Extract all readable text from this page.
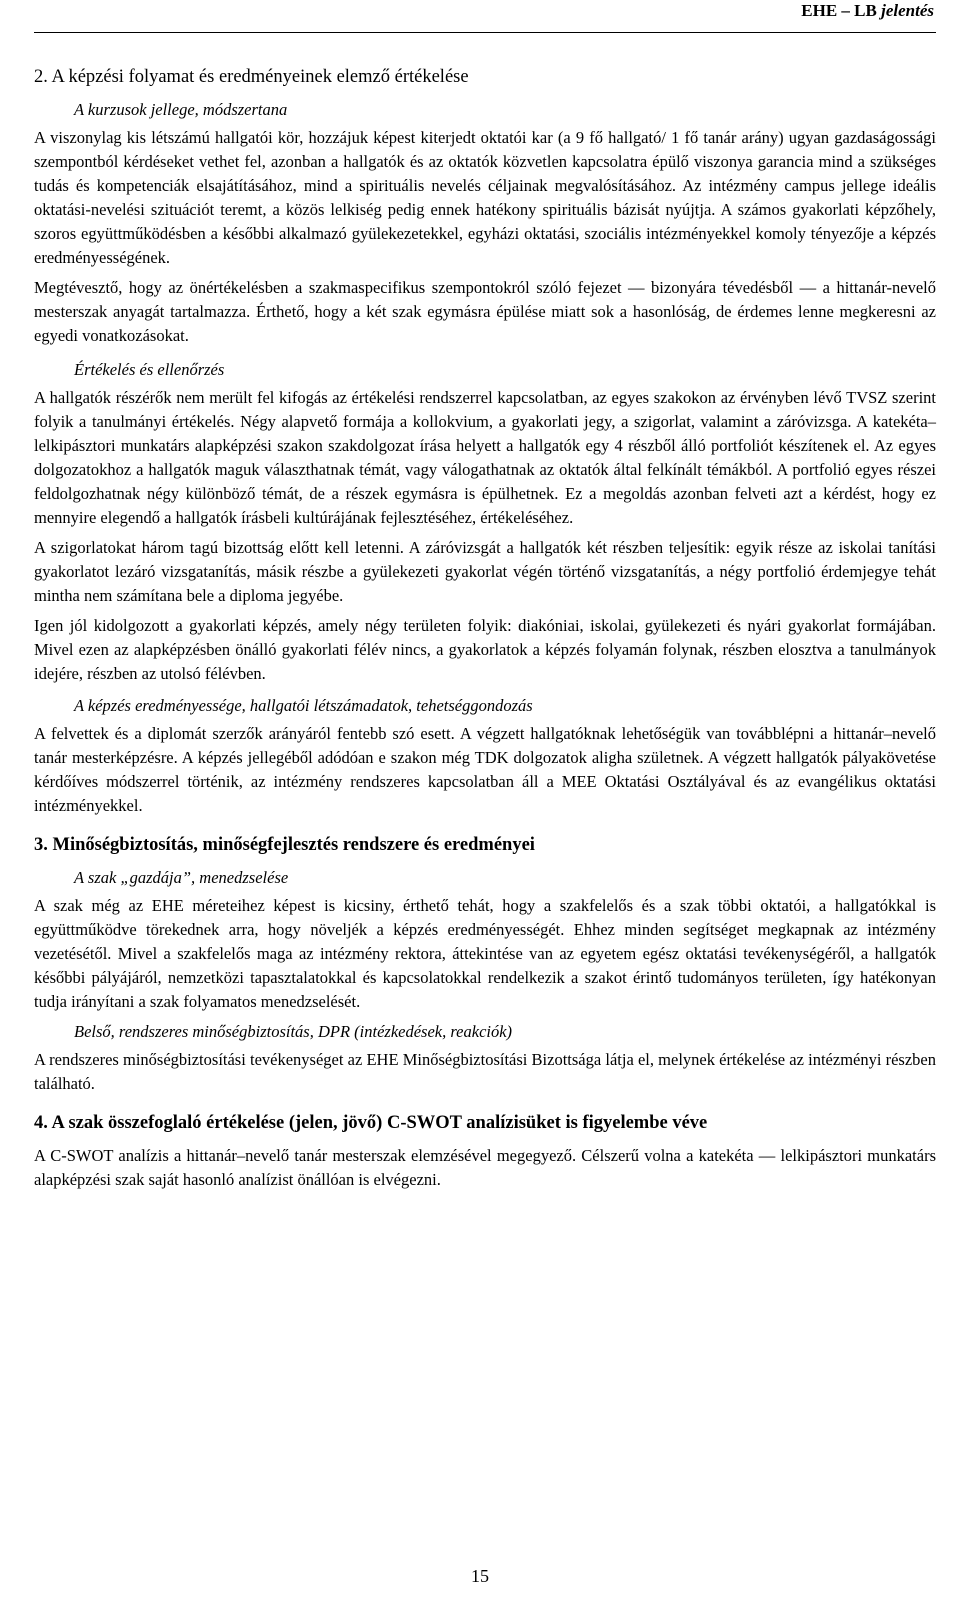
EHE – LB jelentés
2. A képzési folyamat és eredményeinek elemző értékelése
A kurzusok jellege, módszertana

A viszonylag kis létszámú hallgatói kör, hozzájuk képest kiterjedt oktatói kar (a 9 fő hallgató/ 1 fő tanár arány) ugyan gazdaságossági szempontból kérdéseket vethet fel, azonban a hallgatók és az oktatók közvetlen kapcsolatra épülő viszonya garancia mind a szükséges tudás és kompetenciák elsajátításához, mind a spirituális nevelés céljainak megvalósításához. Az intézmény campus jellege ideális oktatási-nevelési szituációt teremt, a közös lelkiség pedig ennek hatékony spirituális bázisát nyújtja. A számos gyakorlati képzőhely, szoros együttműködésben a későbbi alkalmazó gyülekezetekkel, egyházi oktatási, szociális intézményekkel komoly tényezője a képzés eredményességének.

Megtévesztő, hogy az önértékelésben a szakmaspecifikus szempontokról szóló fejezet — bizonyára tévedésből — a hittanár-nevelő mesterszak anyagát tartalmazza. Érthető, hogy a két szak egymásra épülése miatt sok a hasonlóság, de érdemes lenne megkeresni az egyedi vonatkozásokat.

Értékelés és ellenőrzés

A hallgatók részérők nem merült fel kifogás az értékelési rendszerrel kapcsolatban, az egyes szakokon az érvényben lévő TVSZ szerint folyik a tanulmányi értékelés. Négy alapvető formája a kollokvium, a gyakorlati jegy, a szigorlat, valamint a záróvizsga. A katekéta–lelkipásztori munkatárs alapképzési szakon szakdolgozat írása helyett a hallgatók egy 4 részből álló portfoliót készítenek el. Az egyes dolgozatokhoz a hallgatók maguk választhatnak témát, vagy válogathatnak az oktatók által felkínált témákból. A portfolió egyes részei feldolgozhatnak négy különböző témát, de a részek egymásra is épülhetnek. Ez a megoldás azonban felveti azt a kérdést, hogy ez mennyire elegendő a hallgatók írásbeli kultúrájának fejlesztéséhez, értékeléséhez.

A szigorlatokat három tagú bizottság előtt kell letenni. A záróvizsgát a hallgatók két részben teljesítik: egyik része az iskolai tanítási gyakorlatot lezáró vizsgatanítás, másik részbe a gyülekezeti gyakorlat végén történő vizsgatanítás, a négy portfolió érdemjegye tehát mintha nem számítana bele a diploma jegyébe.

Igen jól kidolgozott a gyakorlati képzés, amely négy területen folyik: diakóniai, iskolai, gyülekezeti és nyári gyakorlat formájában. Mivel ezen az alapképzésben önálló gyakorlati félév nincs, a gyakorlatok a képzés folyamán folynak, részben elosztva a tanulmányok idejére, részben az utolsó félévben.

A képzés eredményessége, hallgatói létszámadatok, tehetséggondozás

A felvettek és a diplomát szerzők arányáról fentebb szó esett. A végzett hallgatóknak lehetőségük van továbblépni a hittanár–nevelő tanár mesterképzésre. A képzés jellegéből adódóan e szakon még TDK dolgozatok aligha születnek. A végzett hallgatók pályakövetése kérdőíves módszerrel történik, az intézmény rendszeres kapcsolatban áll a MEE Oktatási Osztályával és az evangélikus oktatási intézményekkel.

3. Minőségbiztosítás, minőségfejlesztés rendszere és eredményei
A szak „gazdája”, menedzselése

A szak még az EHE méreteihez képest is kicsiny, érthető tehát, hogy a szakfelelős és a szak többi oktatói, a hallgatókkal is együttműködve törekednek arra, hogy növeljék a képzés eredményességét. Ehhez minden segítséget megkapnak az intézmény vezetésétől. Mivel a szakfelelős maga az intézmény rektora, áttekintése van az egyetem egész oktatási tevékenységéről, a hallgatók későbbi pályájáról, nemzetközi tapasztalatokkal és kapcsolatokkal rendelkezik a szakot érintő tudományos területen, így hatékonyan tudja irányítani a szak folyamatos menedzselését.

Belső, rendszeres minőségbiztosítás, DPR (intézkedések, reakciók)

A rendszeres minőségbiztosítási tevékenységet az EHE Minőségbiztosítási Bizottsága látja el, melynek értékelése az intézményi részben található.

4. A szak összefoglaló értékelése (jelen, jövő) C-SWOT analízisüket is figyelembe véve

A C-SWOT analízis a hittanár–nevelő tanár mesterszak elemzésével megegyező. Célszerű volna a katekéta — lelkipásztori munkatárs alapképzési szak saját hasonló analízist önállóan is elvégezni.

15
